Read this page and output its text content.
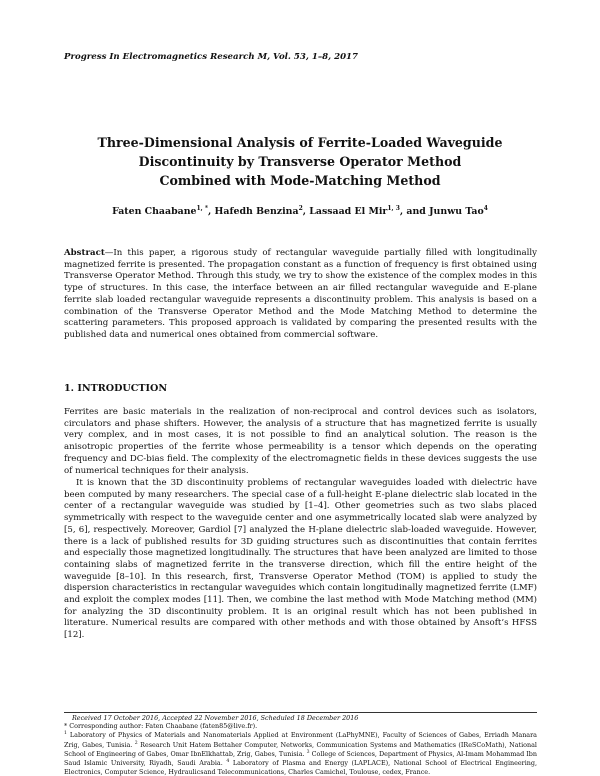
Progress In Electromagnetics Research M, Vol. 53, 1–8, 2017
Three-Dimensional Analysis of Ferrite-Loaded Waveguide
Discontinuity by Transverse Operator Method
Combined with Mode-Matching Method
Faten Chaabane$^{1, *}$, Hafedh Benzina$^2$, Lassaad El Mir$^{1, 3}$, and Junwu Tao$^4$
Abstract—In this paper, a rigorous study of rectangular waveguide partially filled with longitudinally magnetized ferrite is presented. The propagation constant as a function of frequency is first obtained using Transverse Operator Method. Through this study, we try to show the existence of the complex modes in this type of structures. In this case, the interface between an air filled rectangular waveguide and E-plane ferrite slab loaded rectangular waveguide represents a discontinuity problem. This analysis is based on a combination of the Transverse Operator Method and the Mode Matching Method to determine the scattering parameters. This proposed approach is validated by comparing the presented results with the published data and numerical ones obtained from commercial software.
1. INTRODUCTION
Ferrites are basic materials in the realization of non-reciprocal and control devices such as isolators, circulators and phase shifters. However, the analysis of a structure that has magnetized ferrite is usually very complex, and in most cases, it is not possible to find an analytical solution. The reason is the anisotropic properties of the ferrite whose permeability is a tensor which depends on the operating frequency and DC-bias field. The complexity of the electromagnetic fields in these devices suggests the use of numerical techniques for their analysis.
It is known that the 3D discontinuity problems of rectangular waveguides loaded with dielectric have been computed by many researchers. The special case of a full-height E-plane dielectric slab located in the center of a rectangular waveguide was studied by [1–4]. Other geometries such as two slabs placed symmetrically with respect to the waveguide center and one asymmetrically located slab were analyzed by [5, 6], respectively. Moreover, Gardiol [7] analyzed the H-plane dielectric slab-loaded waveguide. However, there is a lack of published results for 3D guiding structures such as discontinuities that contain ferrites and especially those magnetized longitudinally. The structures that have been analyzed are limited to those containing slabs of magnetized ferrite in the transverse direction, which fill the entire height of the waveguide [8–10]. In this research, first, Transverse Operator Method (TOM) is applied to study the dispersion characteristics in rectangular waveguides which contain longitudinally magnetized ferrite (LMF) and exploit the complex modes [11]. Then, we combine the last method with Mode Matching method (MM) for analyzing the 3D discontinuity problem. It is an original result which has not been published in literature. Numerical results are compared with other methods and with those obtained by Ansoft’s HFSS [12].
Received 17 October 2016, Accepted 22 November 2016, Scheduled 18 December 2016
* Corresponding author: Faten Chaabane (faten85@live.fr).
$^1$ Laboratory of Physics of Materials and Nanomaterials Applied at Environment (LaPhyMNE), Faculty of Sciences of Gabes, Erriadh Manara Zrig, Gabes, Tunisia. $^2$ Research Unit Hatem Bettaher Computer, Networks, Communication Systems and Mathematics (IReSCoMath), National School of Engineering of Gabes, Omar IbnElkhattab, Zrig, Gabes, Tunisia. $^3$ College of Sciences, Department of Physics, Al-Imam Mohammad Ibn Saud Islamic University, Riyadh, Saudi Arabia. $^4$ Laboratory of Plasma and Energy (LAPLACE), National School of Electrical Engineering, Electronics, Computer Science, Hydraulicsand Telecommunications, Charles Camichel, Toulouse, cedex, France.
